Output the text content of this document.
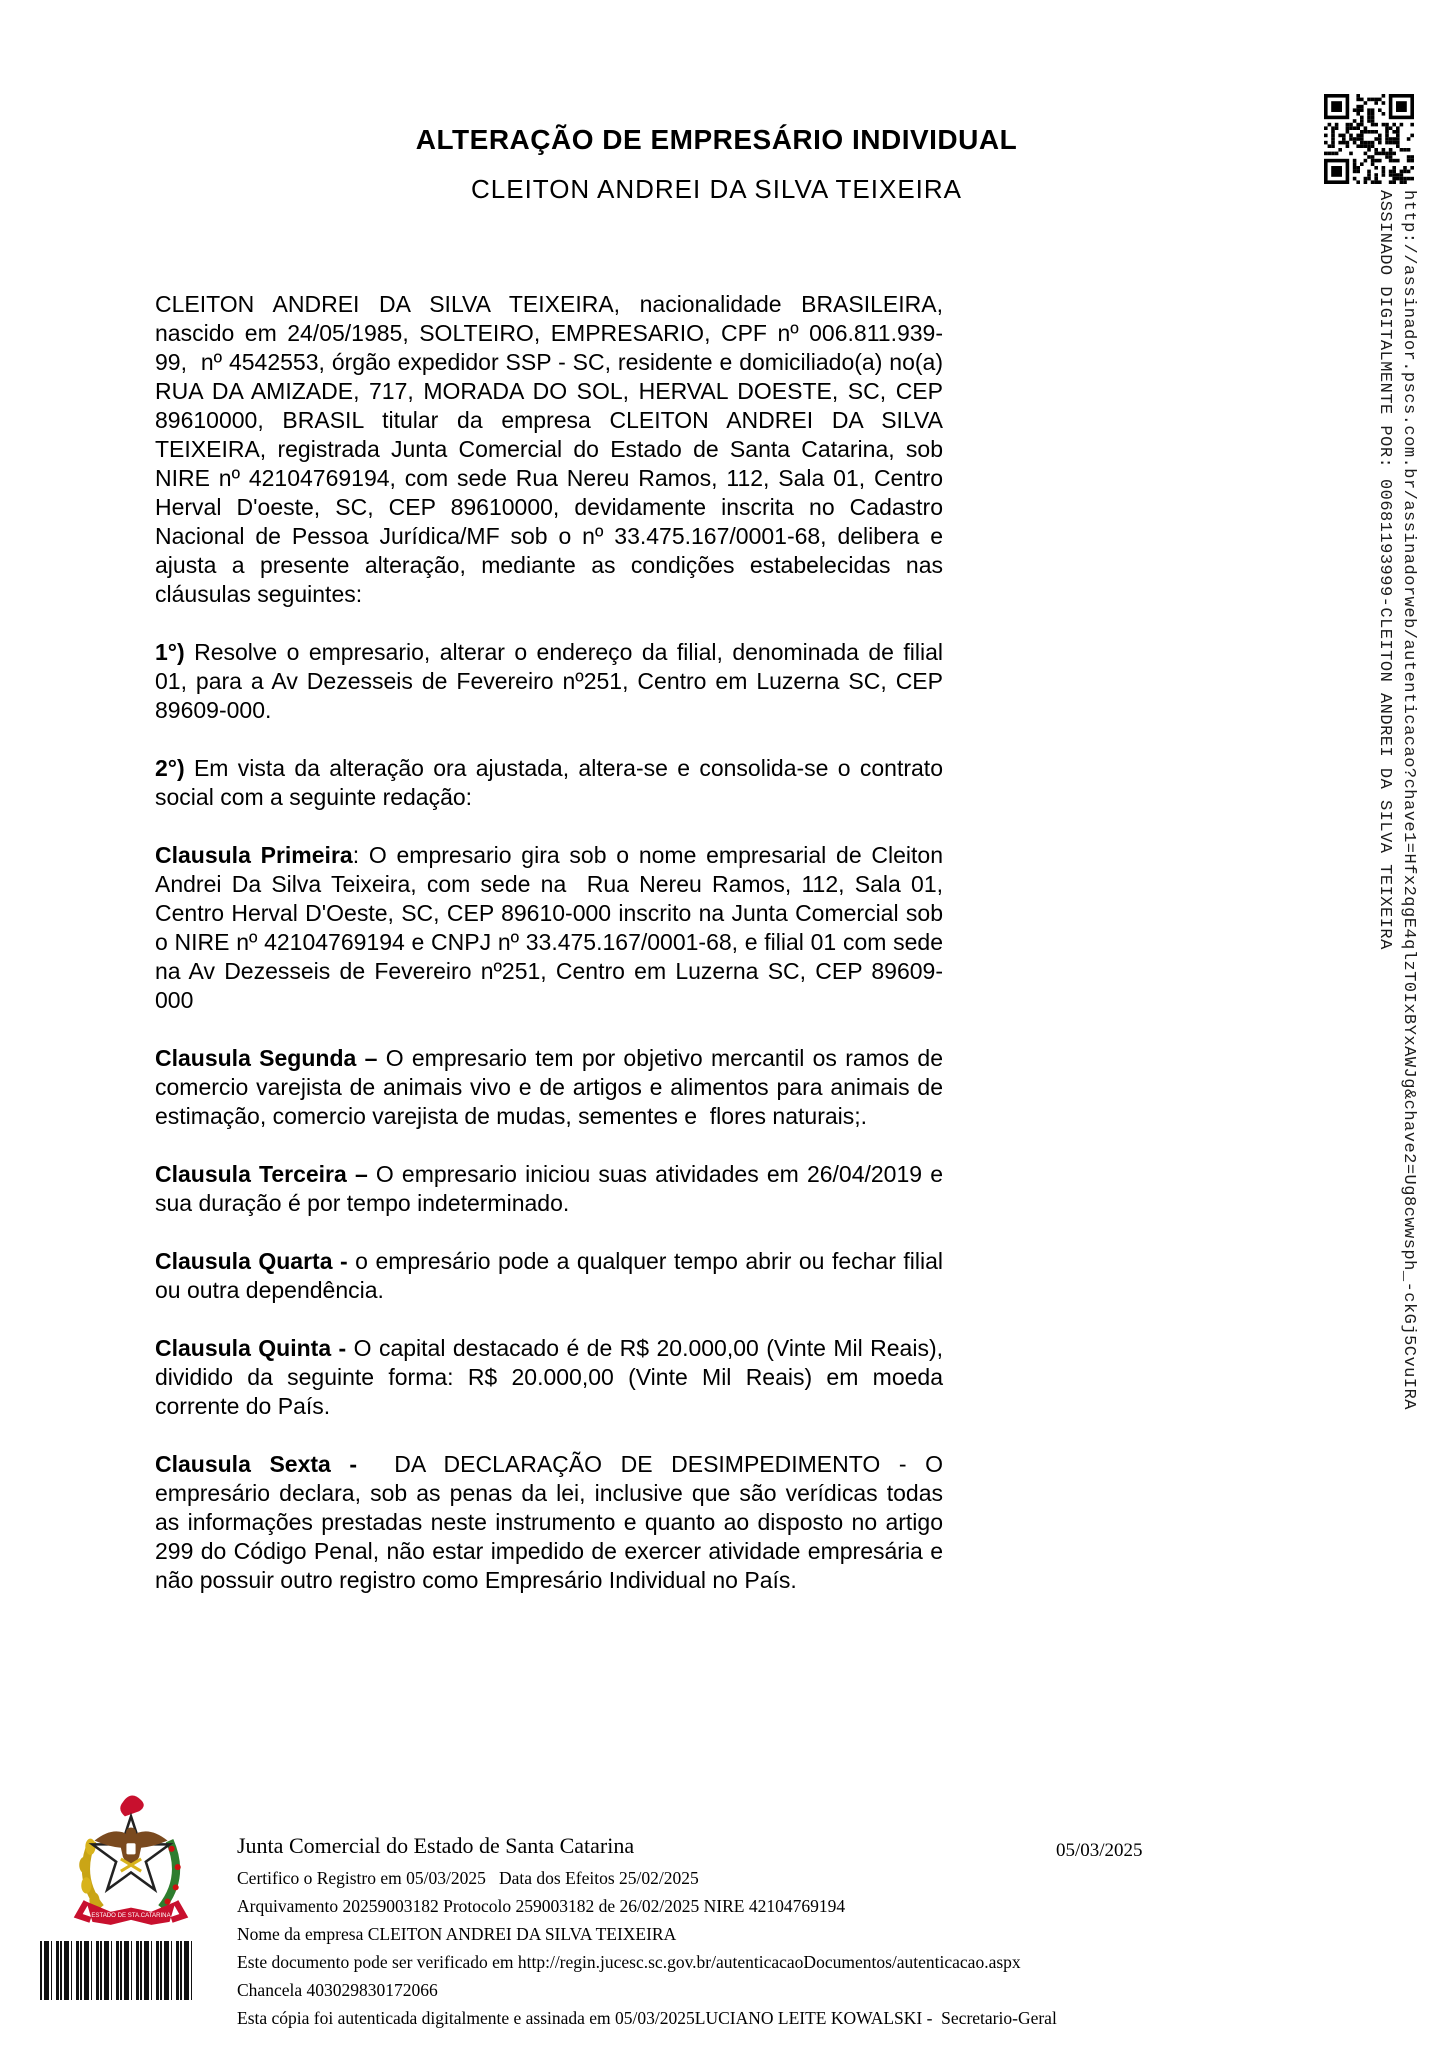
ALTERAÇÃO DE EMPRESÁRIO INDIVIDUAL
CLEITON ANDREI DA SILVA TEIXEIRA
http://assinador.pscs.com.br/assinadorweb/autenticacao?chave1=Hfx2qgE4qlzT0IxBYxAWJg&chave2=Ug8cwwsph_-ckGj5CvuIRA
ASSINADO DIGITALMENTE POR: 00681193999-CLEITON ANDREI DA SILVA TEIXEIRA

CLEITON ANDREI DA SILVA TEIXEIRA, nacionalidade BRASILEIRA, nascido em 24/05/1985, SOLTEIRO, EMPRESARIO, CPF nº 006.811.939-99,  nº 4542553, órgão expedidor SSP - SC, residente e domiciliado(a) no(a)  RUA DA AMIZADE, 717, MORADA DO SOL, HERVAL DOESTE, SC, CEP 89610000, BRASIL titular da empresa CLEITON ANDREI DA SILVA TEIXEIRA, registrada Junta Comercial do Estado de Santa Catarina, sob NIRE nº 42104769194, com sede Rua Nereu Ramos, 112, Sala 01, Centro Herval D'oeste, SC, CEP 89610000, devidamente inscrita no Cadastro Nacional de Pessoa Jurídica/MF sob o nº 33.475.167/0001-68, delibera e ajusta a presente alteração, mediante as condições estabelecidas nas cláusulas seguintes:

1°) Resolve o empresario, alterar o endereço da filial, denominada de filial 01, para a Av Dezesseis de Fevereiro nº251, Centro em Luzerna SC, CEP 89609-000.

2°) Em vista da alteração ora ajustada, altera-se e consolida-se o contrato social com a seguinte redação:

Clausula Primeira: O empresario gira sob o nome empresarial de Cleiton Andrei Da Silva Teixeira, com sede na  Rua Nereu Ramos, 112, Sala 01, Centro Herval D'Oeste, SC, CEP 89610-000 inscrito na Junta Comercial sob o NIRE nº 42104769194 e CNPJ nº 33.475.167/0001-68, e filial 01 com sede na Av Dezesseis de Fevereiro nº251, Centro em Luzerna SC, CEP 89609-000

Clausula Segunda – O empresario tem por objetivo mercantil os ramos de comercio varejista de animais vivo e de artigos e alimentos para animais de estimação, comercio varejista de mudas, sementes e  flores naturais;.

Clausula Terceira – O empresario iniciou suas atividades em 26/04/2019 e sua duração é por tempo indeterminado.

Clausula Quarta - o empresário pode a qualquer tempo abrir ou fechar filial ou outra dependência.

Clausula Quinta - O capital destacado é de R$ 20.000,00 (Vinte Mil Reais), dividido da seguinte forma: R$ 20.000,00 (Vinte Mil Reais) em moeda corrente do País.

Clausula Sexta -  DA DECLARAÇÃO DE DESIMPEDIMENTO - O empresário declara, sob as penas da lei, inclusive que são verídicas todas as informações prestadas neste instrumento e quanto ao disposto no artigo 299 do Código Penal, não estar impedido de exercer atividade empresária e não possuir outro registro como Empresário Individual no País.

ESTADO DE STA.CATARINA
Junta Comercial do Estado de Santa Catarina	05/03/2025
Certifico o Registro em 05/03/2025   Data dos Efeitos 25/02/2025
Arquivamento 20259003182 Protocolo 259003182 de 26/02/2025 NIRE 42104769194
Nome da empresa CLEITON ANDREI DA SILVA TEIXEIRA
Este documento pode ser verificado em http://regin.jucesc.sc.gov.br/autenticacaoDocumentos/autenticacao.aspx
Chancela 403029830172066
Esta cópia foi autenticada digitalmente e assinada em 05/03/2025LUCIANO LEITE KOWALSKI -  Secretario-Geral
